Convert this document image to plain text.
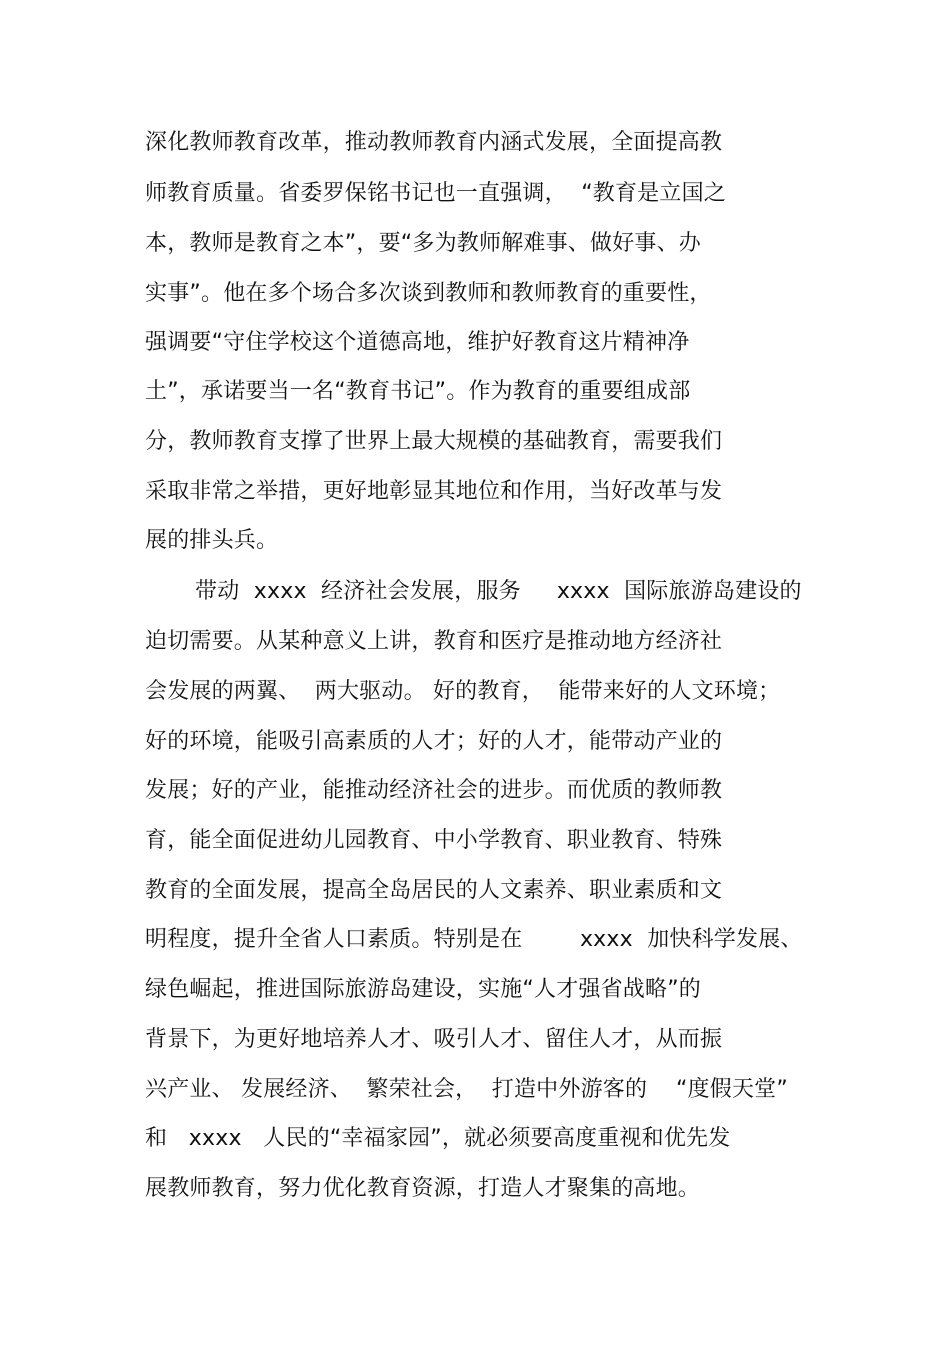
深化教师教育改革，推动教师教育内涵式发展，全面提高教
师教育质量。省委罗保铭书记也一直强调，  “教育是立国之
本，教师是教育之本”，要“多为教师解难事、做好事、办
实事”。他在多个场合多次谈到教师和教师教育的重要性，
强调要“守住学校这个道德高地，维护好教育这片精神净
土”，承诺要当一名“教育书记”。作为教育的重要组成部
分，教师教育支撑了世界上最大规模的基础教育，需要我们
采取非常之举措，更好地彰显其地位和作用，当好改革与发
展的排头兵。
带动  xxxx  经济社会发展，服务     xxxx  国际旅游岛建设的
迫切需要。从某种意义上讲，教育和医疗是推动地方经济社
会发展的两翼、  两大驱动。 好的教育，  能带来好的人文环境；
好的环境，能吸引高素质的人才；好的人才，能带动产业的
发展；好的产业，能推动经济社会的进步。而优质的教师教
育，能全面促进幼儿园教育、中小学教育、职业教育、特殊
教育的全面发展，提高全岛居民的人文素养、职业素质和文
明程度，提升全省人口素质。特别是在        xxxx  加快科学发展、
绿色崛起，推进国际旅游岛建设，实施“人才强省战略”的
背景下，为更好地培养人才、吸引人才、留住人才，从而振
兴产业、 发展经济、  繁荣社会，  打造中外游客的    “度假天堂”
和   xxxx   人民的“幸福家园”，就必须要高度重视和优先发
展教师教育，努力优化教育资源，打造人才聚集的高地。
